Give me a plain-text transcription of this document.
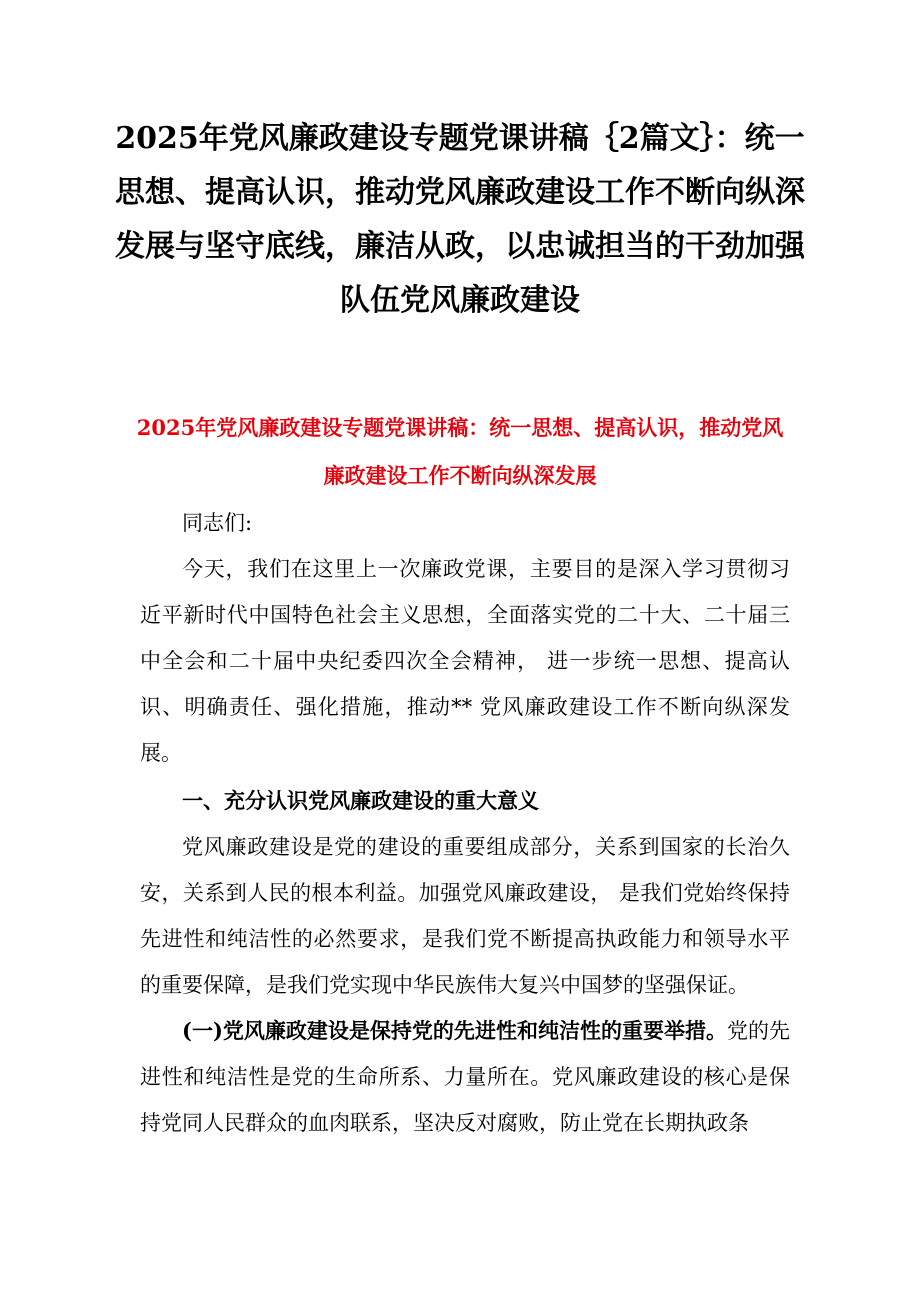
2025年党风廉政建设专题党课讲稿｛2篇文｝：统一思想、提高认识，推动党风廉政建设工作不断向纵深发展与坚守底线，廉洁从政，以忠诚担当的干劲加强队伍党风廉政建设
2025年党风廉政建设专题党课讲稿：统一思想、提高认识，推动党风廉政建设工作不断向纵深发展

同志们:

今天，我们在这里上一次廉政党课，主要目的是深入学习贯彻习近平新时代中国特色社会主义思想，全面落实党的二十大、二十届三中全会和二十届中央纪委四次全会精神， 进一步统一思想、提高认识、明确责任、强化措施，推动** 党风廉政建设工作不断向纵深发展。

一、充分认识党风廉政建设的重大意义

党风廉政建设是党的建设的重要组成部分，关系到国家的长治久安，关系到人民的根本利益。加强党风廉政建设， 是我们党始终保持先进性和纯洁性的必然要求，是我们党不断提高执政能力和领导水平的重要保障，是我们党实现中华民族伟大复兴中国梦的坚强保证。

(一)党风廉政建设是保持党的先进性和纯洁性的重要举措。党的先进性和纯洁性是党的生命所系、力量所在。党风廉政建设的核心是保持党同人民群众的血肉联系，坚决反对腐败，防止党在长期执政条
